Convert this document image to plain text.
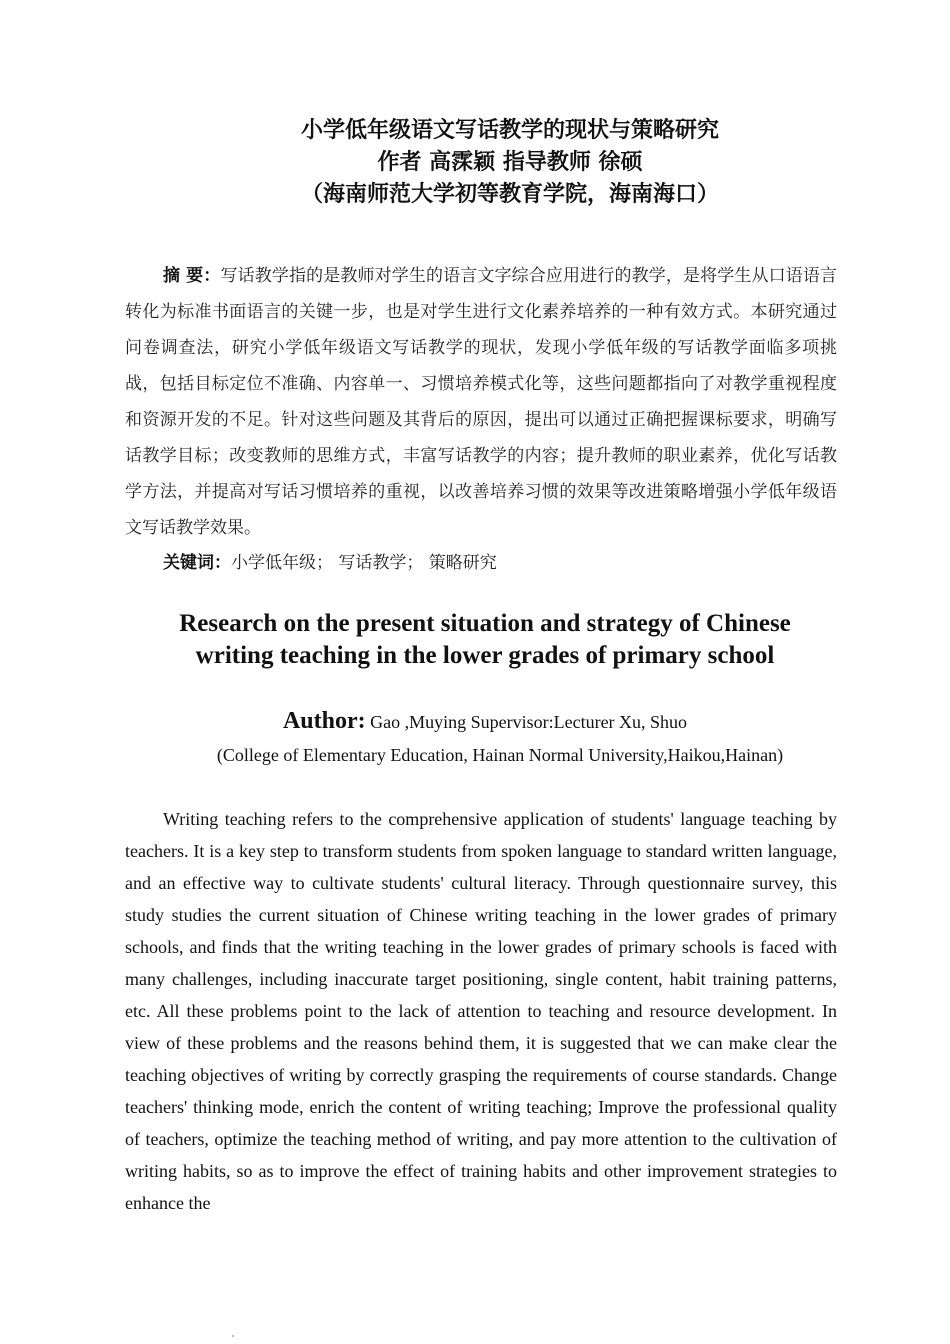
小学低年级语文写话教学的现状与策略研究

作者 高霂颖 指导教师 徐硕

（海南师范大学初等教育学院，海南海口）

摘 要：写话教学指的是教师对学生的语言文字综合应用进行的教学，是将学生从口语语言转化为标准书面语言的关键一步，也是对学生进行文化素养培养的一种有效方式。本研究通过问卷调查法，研究小学低年级语文写话教学的现状，发现小学低年级的写话教学面临多项挑战，包括目标定位不准确、内容单一、习惯培养模式化等，这些问题都指向了对教学重视程度和资源开发的不足。针对这些问题及其背后的原因，提出可以通过正确把握课标要求，明确写话教学目标；改变教师的思维方式，丰富写话教学的内容；提升教师的职业素养，优化写话教学方法，并提高对写话习惯培养的重视，以改善培养习惯的效果等改进策略增强小学低年级语文写话教学效果。

关键词：小学低年级； 写话教学； 策略研究

Research on the present situation and strategy of Chinese
writing teaching in the lower grades of primary school

Author: Gao ,Muying Supervisor:Lecturer Xu, Shuo

(College of Elementary Education, Hainan Normal University,Haikou,Hainan)

Writing teaching refers to the comprehensive application of students' language teaching by teachers. It is a key step to transform students from spoken language to standard written language, and an effective way to cultivate students' cultural literacy. Through questionnaire survey, this study studies the current situation of Chinese writing teaching in the lower grades of primary schools, and finds that the writing teaching in the lower grades of primary schools is faced with many challenges, including inaccurate target positioning, single content, habit training patterns, etc. All these problems point to the lack of attention to teaching and resource development. In view of these problems and the reasons behind them, it is suggested that we can make clear the teaching objectives of writing by correctly grasping the requirements of course standards. Change teachers' thinking mode, enrich the content of writing teaching; Improve the professional quality of teachers, optimize the teaching method of writing, and pay more attention to the cultivation of writing habits, so as to improve the effect of training habits and other improvement strategies to enhance the
